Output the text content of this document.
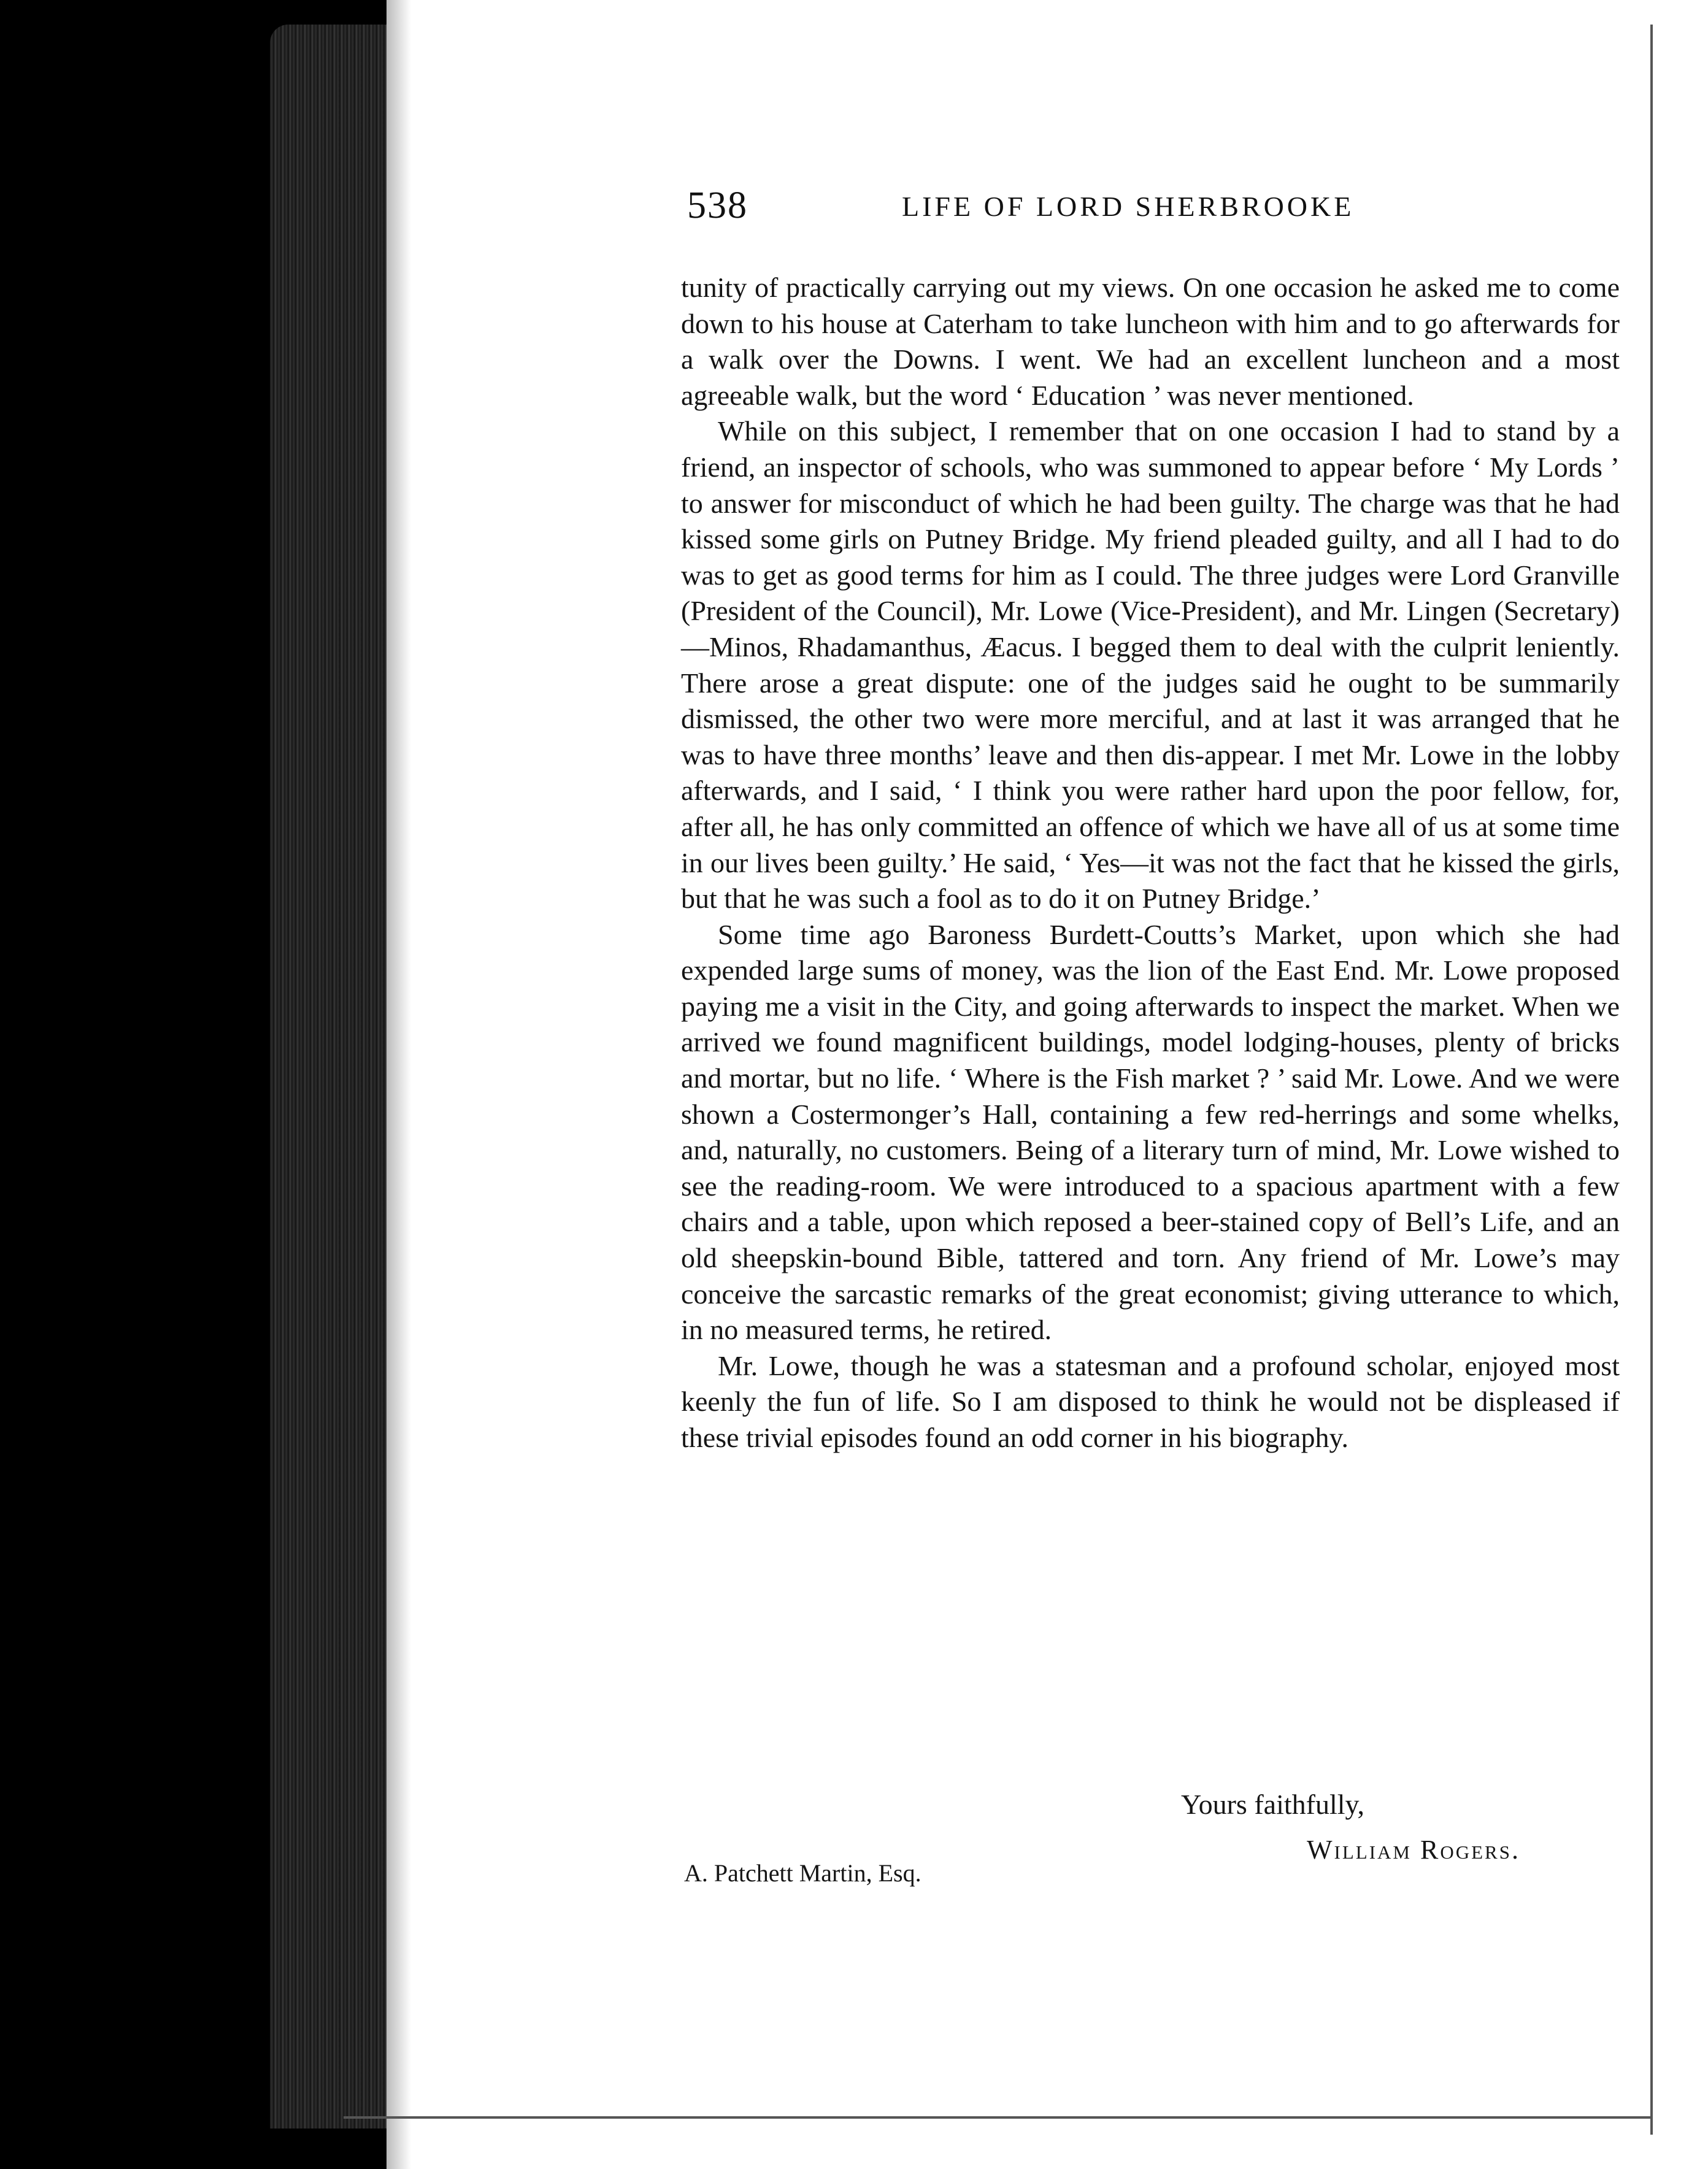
538	LIFE OF LORD SHERBROOKE

tunity of practically carrying out my views. On one occasion he asked me to come down to his house at Caterham to take luncheon with him and to go afterwards for a walk over the Downs. I went. We had an excellent luncheon and a most agreeable walk, but the word ‘ Education ’ was never mentioned.

While on this subject, I remember that on one occasion I had to stand by a friend, an inspector of schools, who was summoned to appear before ‘ My Lords ’ to answer for misconduct of which he had been guilty. The charge was that he had kissed some girls on Putney Bridge. My friend pleaded guilty, and all I had to do was to get as good terms for him as I could. The three judges were Lord Granville (President of the Council), Mr. Lowe (Vice-President), and Mr. Lingen (Secretary)—Minos, Rhadamanthus, Æacus. I begged them to deal with the culprit leniently. There arose a great dispute: one of the judges said he ought to be summarily dismissed, the other two were more merciful, and at last it was arranged that he was to have three months’ leave and then dis-appear. I met Mr. Lowe in the lobby afterwards, and I said, ‘ I think you were rather hard upon the poor fellow, for, after all, he has only committed an offence of which we have all of us at some time in our lives been guilty.’ He said, ‘ Yes—it was not the fact that he kissed the girls, but that he was such a fool as to do it on Putney Bridge.’

Some time ago Baroness Burdett-Coutts’s Market, upon which she had expended large sums of money, was the lion of the East End. Mr. Lowe proposed paying me a visit in the City, and going afterwards to inspect the market. When we arrived we found magnificent buildings, model lodging-houses, plenty of bricks and mortar, but no life. ‘ Where is the Fish market ? ’ said Mr. Lowe. And we were shown a Costermonger’s Hall, containing a few red-herrings and some whelks, and, naturally, no customers. Being of a literary turn of mind, Mr. Lowe wished to see the reading-room. We were introduced to a spacious apartment with a few chairs and a table, upon which reposed a beer-stained copy of Bell’s Life, and an old sheepskin-bound Bible, tattered and torn. Any friend of Mr. Lowe’s may conceive the sarcastic remarks of the great economist; giving utterance to which, in no measured terms, he retired.

Mr. Lowe, though he was a statesman and a profound scholar, enjoyed most keenly the fun of life. So I am disposed to think he would not be displeased if these trivial episodes found an odd corner in his biography.

Yours faithfully,
William Rogers.
A. Patchett Martin, Esq.
